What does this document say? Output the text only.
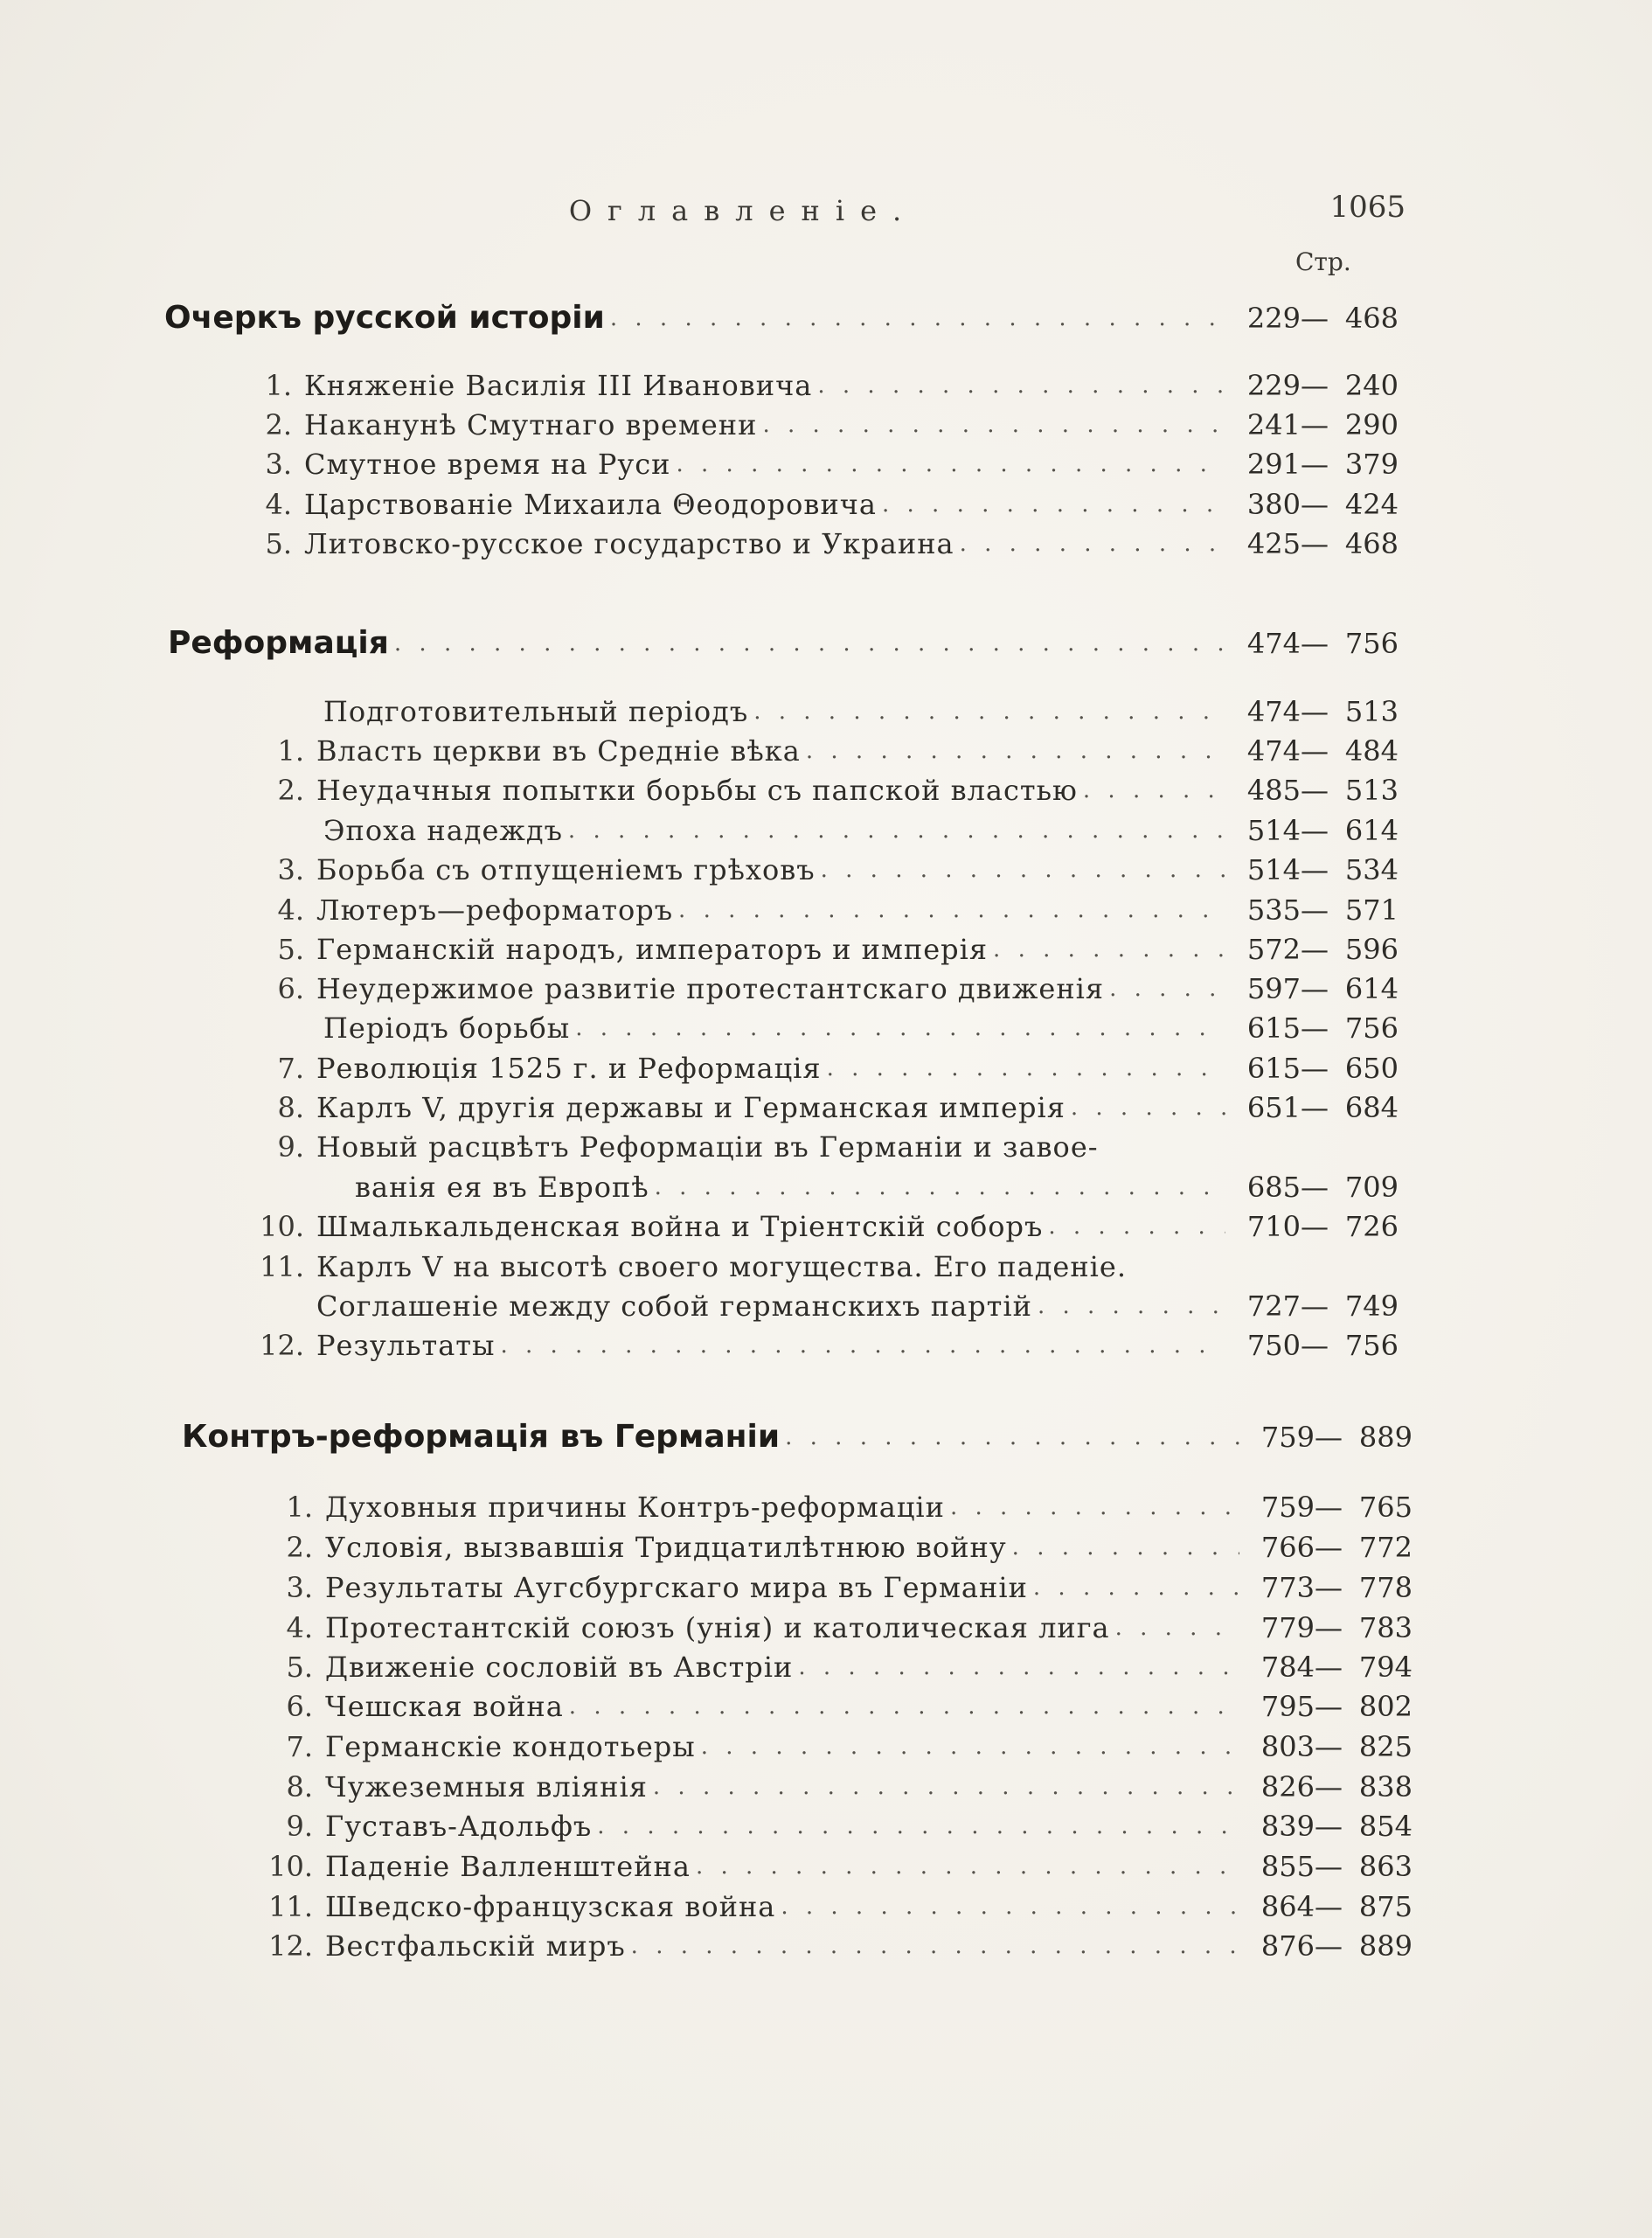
Оглавленіе.	1065
Стр.
Очеркъ русской исторіи . . .	229 — 468
1. Княженіе Василія III Ивановича . . .	229 — 240
2. Наканунѣ Смутнаго времени . . .	241 — 290
3. Смутное время на Руси . . .	291 — 379
4. Царствованіе Михаила Θеодоровича . . .	380 — 424
5. Литовско-русское государство и Украина . . .	425 — 468
Реформація . . .	474 — 756
Подготовительный періодъ . . .	474 — 513
1. Власть церкви въ Средніе вѣка . . .	474 — 484
2. Неудачныя попытки борьбы съ папской властью . . .	485 — 513
Эпоха надеждъ . . .	514 — 614
3. Борьба съ отпущеніемъ грѣховъ . . .	514 — 534
4. Лютеръ—реформаторъ . . .	535 — 571
5. Германскій народъ, императоръ и имперія . . .	572 — 596
6. Неудержимое развитіе протестантскаго движенія . . .	597 — 614
Періодъ борьбы . . .	615 — 756
7. Революція 1525 г. и Реформація . . .	615 — 650
8. Карлъ V, другія державы и Германская имперія . . .	651 — 684
9. Новый расцвѣтъ Реформаціи въ Германіи и завое-
ванія ея въ Европѣ . . .	685 — 709
10. Шмалькальденская война и Тріентскій соборъ . . .	710 — 726
11. Карлъ V на высотѣ своего могущества. Его паденіе.
Соглашеніе между собой германскихъ партій . . .	727 — 749
12. Результаты . . .	750 — 756
Контръ-реформація въ Германіи . . .	759 — 889
1. Духовныя причины Контръ-реформаціи . . .	759 — 765
2. Условія, вызвавшія Тридцатилѣтнюю войну . . .	766 — 772
3. Результаты Аугсбургскаго мира въ Германіи . . .	773 — 778
4. Протестантскій союзъ (унія) и католическая лига . . .	779 — 783
5. Движеніе сословій въ Австріи . . .	784 — 794
6. Чешская война . . .	795 — 802
7. Германскіе кондотьеры . . .	803 — 825
8. Чужеземныя вліянія . . .	826 — 838
9. Густавъ-Адольфъ . . .	839 — 854
10. Паденіе Валленштейна . . .	855 — 863
11. Шведско-французская война . . .	864 — 875
12. Вестфальскій миръ . . .	876 — 889
